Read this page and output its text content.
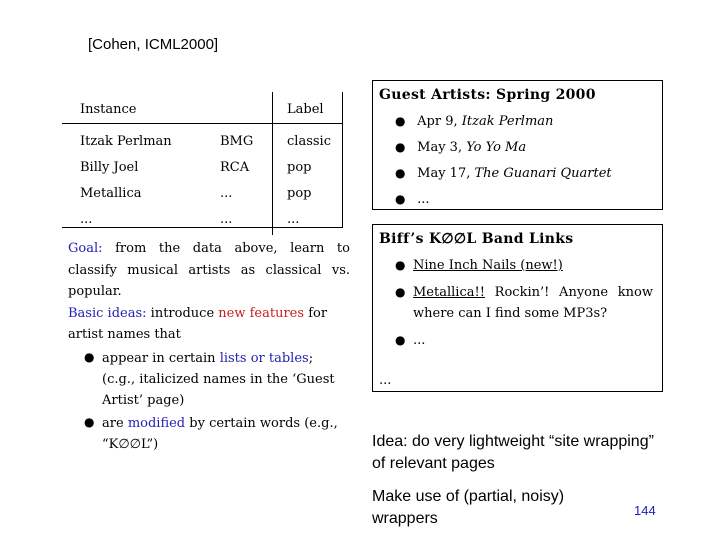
[Cohen, ICML2000]
Instance		Label
Itzak Perlman	BMG	classic
Billy Joel	RCA	pop
Metallica	...	pop
...	...	...

Goal: from the data above, learn to classify musical artists as classical vs. popular.

Basic ideas: introduce new features for artist names that

● appear in certain lists or tables; (c.g., italicized names in the ‘Guest Artist’ page)
● are modified by certain words (e.g., “K∅∅L”)
Guest Artists: Spring 2000
● Apr 9, Itzak Perlman
● May 3, Yo Yo Ma
● May 17, The Guanari Quartet
● ...
Biff’s K∅∅L Band Links
● Nine Inch Nails (new!)
● Metallica!! Rockin’! Anyone know where can I find some MP3s?
● ...
...
Idea: do very lightweight “site wrapping” of relevant pages
Make use of (partial, noisy) wrappers	144
